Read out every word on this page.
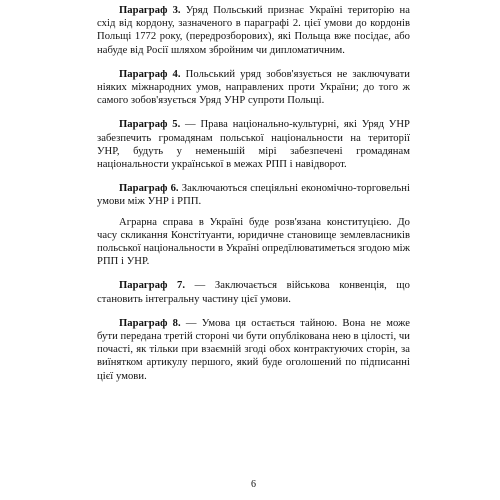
Параграф 3. Уряд Польський признає Україні територію на схід від кордону, зазначеного в параграфі 2. цієї умови до кордонів Польщі 1772 року, (передрозборових), які Польща вже посідає, або набуде від Росії шляхом збройним чи дипломатичним.

Параграф 4. Польський уряд зобов'язується не заключувати ніяких міжнародних умов, направлених проти України; до того ж самого зобов'язується Уряд УНР супроти Польщі.

Параграф 5. — Права національно-культурні, які Уряд УНР забезпечить громадянам польської національности на території УНР, будуть у неменьшій мірі забезпечені громадянам національности української в межах РПП і навідворот.

Параграф 6. Заключаються спеціяльні економічно-торговельні умови між УНР і РПП.

Аграрна справа в Україні буде розв'язана конституцією. До часу скликання Констітуанти, юридичне становище землевласників польської національности в Україні опредїлюватиметься згодою між РПП і УНР.

Параграф 7. — Заключається військова конвенція, що становить інтегральну частину цієї умови.

Параграф 8. — Умова ця остається тайною. Вона не може бути передана третій стороні чи бути опублікована нею в цілості, чи почасті, як тільки при взаємній згоді обох контрактуючих сторін, за виїнятком артикулу першого, який буде оголошений по підписанні цієї умови.

6
